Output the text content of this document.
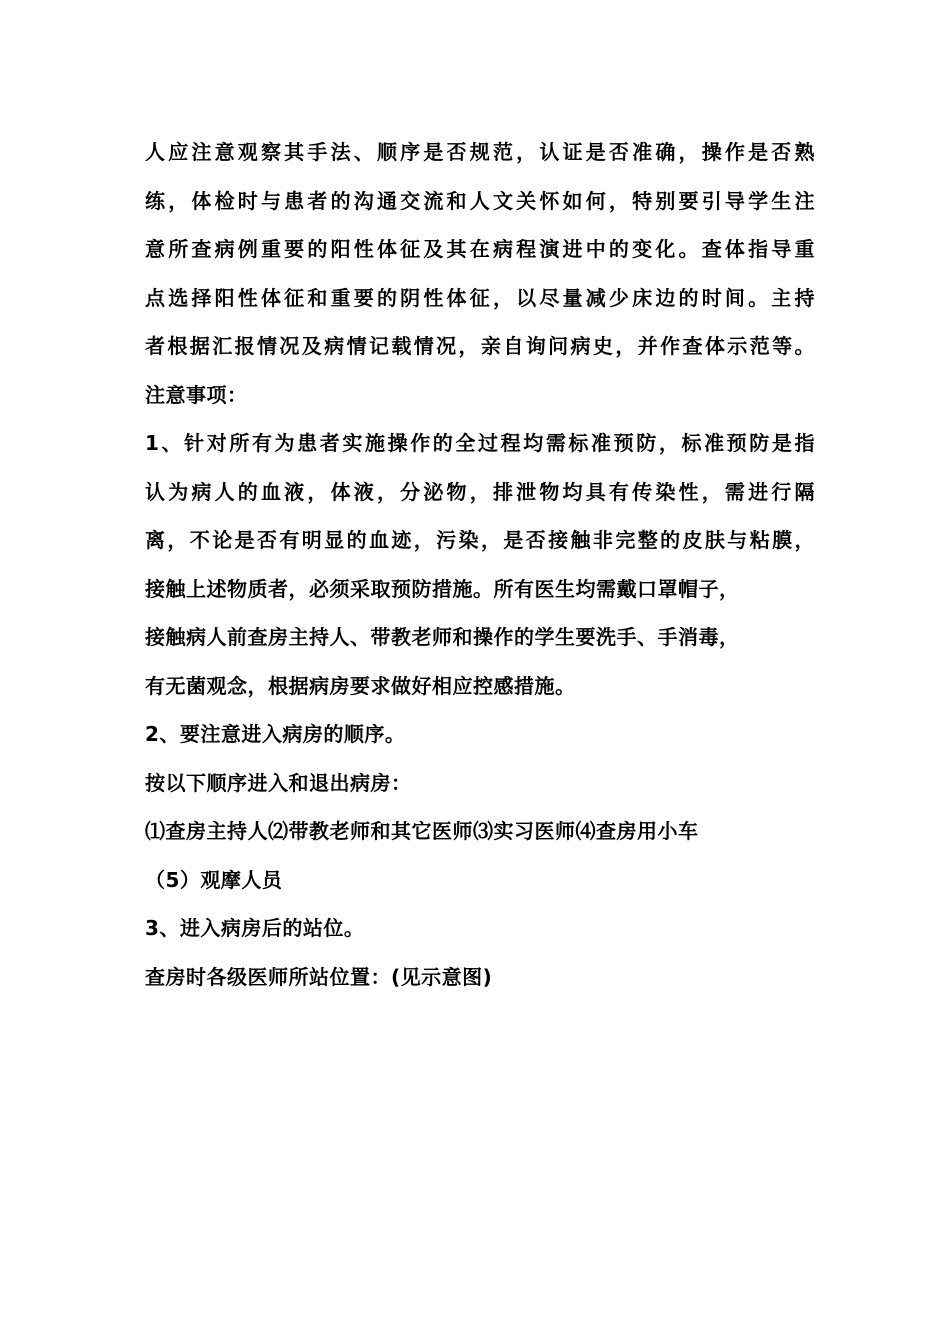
人应注意观察其手法、顺序是否规范，认证是否准确，操作是否熟
练，体检时与患者的沟通交流和人文关怀如何，特别要引导学生注
意所查病例重要的阳性体征及其在病程演进中的变化。查体指导重
点选择阳性体征和重要的阴性体征，以尽量减少床边的时间。主持
者根据汇报情况及病情记载情况，亲自询问病史，并作查体示范等。
注意事项：
1、针对所有为患者实施操作的全过程均需标准预防，标准预防是指
认为病人的血液，体液，分泌物，排泄物均具有传染性，需进行隔
离，不论是否有明显的血迹，污染，是否接触非完整的皮肤与粘膜，
接触上述物质者，必须采取预防措施。所有医生均需戴口罩帽子，
接触病人前查房主持人、带教老师和操作的学生要洗手、手消毒，
有无菌观念，根据病房要求做好相应控感措施。
2、要注意进入病房的顺序。
按以下顺序进入和退出病房：
⑴查房主持人⑵带教老师和其它医师⑶实习医师⑷查房用小车
（5）观摩人员
3、进入病房后的站位。
查房时各级医师所站位置：(见示意图)
